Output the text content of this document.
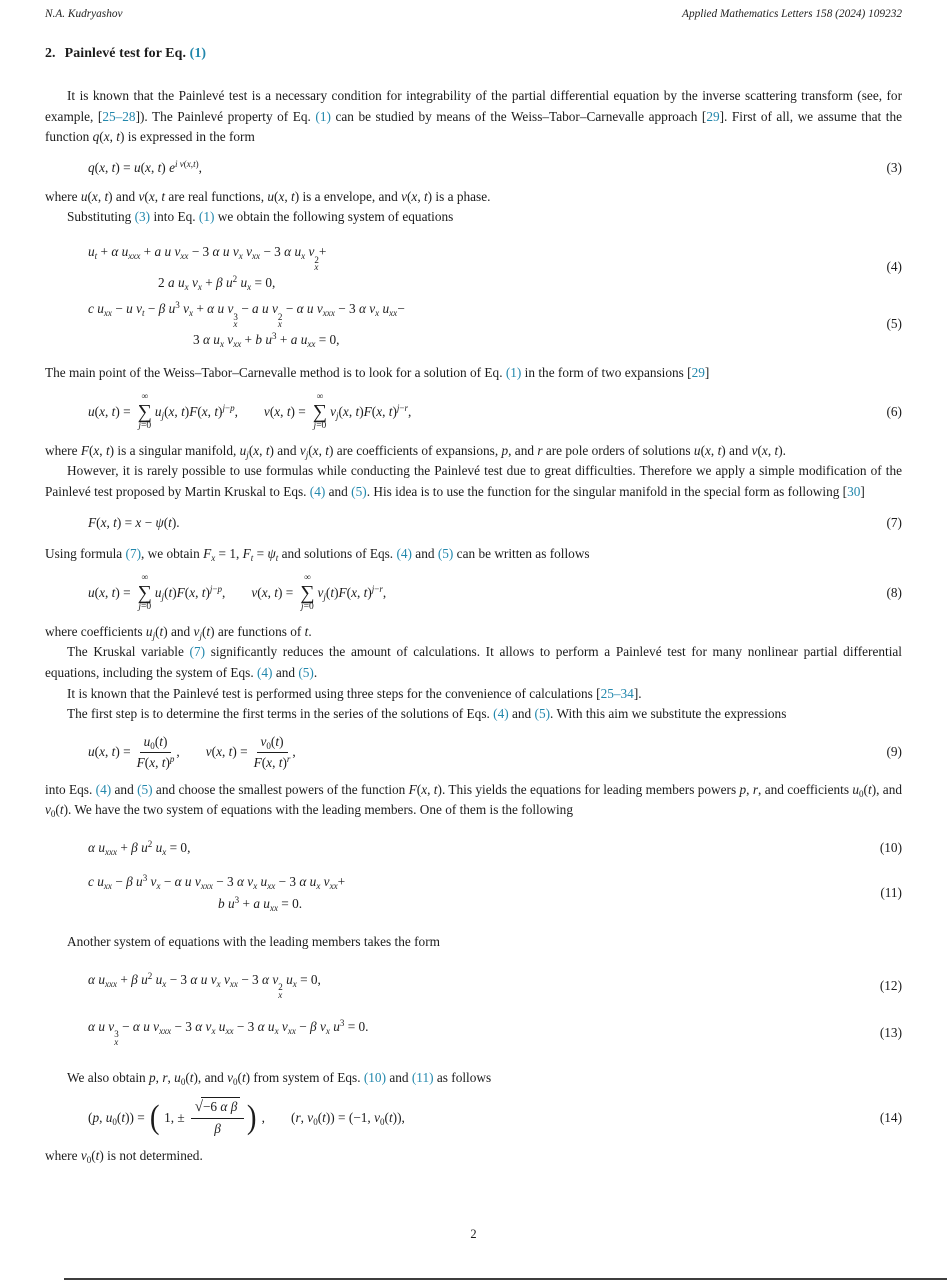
N.A. Kudryashov	Applied Mathematics Letters 158 (2024) 109232
2. Painlevé test for Eq. (1)

It is known that the Painlevé test is a necessary condition for integrability of the partial differential equation by the inverse scattering transform (see, for example, [25–28]). The Painlevé property of Eq. (1) can be studied by means of the Weiss–Tabor–Carnevalle approach [29]. First of all, we assume that the function q(x, t) is expressed in the form

q(x, t) = u(x, t) $e^{i v(x,t)}$,	(3)

where u(x, t) and v(x, t are real functions, u(x, t) is a envelope, and v(x, t) is a phase.

Substituting (3) into Eq. (1) we obtain the following system of equations

$u_t + \alpha$ $u_{xxx} + a$ u $v_{xx} - 3$ α u $v_x$ $v_{xx} - 3$ α $u_x$ v
2
x
+
2 a $u_x$ $v_x + \beta$ $u^2$ $u_x = 0$,
(4)
c $u_{xx} - u$ $v_t - \beta$ $u^3$ $v_x + \alpha$ u v
3
x
− a u v
2
x
− α u $v_{xxx} - 3$ α $v_x$ $u_{xx}-$
3 α $u_x$ $v_{xx} + b$ $u^3 + a$ $u_{xx} = 0$,
(5)

The main point of the Weiss–Tabor–Carnevalle method is to look for a solution of Eq. (1) in the form of two expansions [29]

u(x, t) =
∞
∑
j=0
$u_j(x$, t)F(x, t)$^{j-p}$, v(x, t) =
∞
∑
j=0
$v_j(x$, t)F(x, t)$^{j-r}$,	(6)

where F(x, t) is a singular manifold, $u_j(x$, t) and $v_j(x$, t) are coefficients of expansions, p, and r are pole orders of solutions u(x, t) and v(x, t).

However, it is rarely possible to use formulas while conducting the Painlevé test due to great difficulties. Therefore we apply a simple modification of the Painlevé test proposed by Martin Kruskal to Eqs. (4) and (5). His idea is to use the function for the singular manifold in the special form as following [30]

F(x, t) = x − ψ(t).	(7)

Using formula (7), we obtain $F_x = 1$, $F_t = \psi_t$ and solutions of Eqs. (4) and (5) can be written as follows

u(x, t) =
∞
∑
j=0
$u_j(t)F(x$, t)$^{j-p}$, v(x, t) =
∞
∑
j=0
$v_j(t)F(x$, t)$^{j-r}$,	(8)

where coefficients $u_j(t)$ and $v_j(t)$ are functions of t.

The Kruskal variable (7) significantly reduces the amount of calculations. It allows to perform a Painlevé test for many nonlinear partial differential equations, including the system of Eqs. (4) and (5).

It is known that the Painlevé test is performed using three steps for the convenience of calculations [25–34].

The first step is to determine the first terms in the series of the solutions of Eqs. (4) and (5). With this aim we substitute the expressions

u(x, $t) = \frac{u_0(t)}{F(x, t)^p}$ , v(x, $t) = \frac{v_0(t)}{F(x, t)^r}$ ,	(9)

into Eqs. (4) and (5) and choose the smallest powers of the function F(x, t). This yields the equations for leading members powers p, r, and coefficients $u_0(t)$, and $v_0(t)$. We have the two system of equations with the leading members. One of them is the following

α $u_{xxx} + \beta$ $u^2$ $u_x = 0$,	(10)
c $u_{xx} - \beta$ $u^3$ $v_x - \alpha$ u $v_{xxx} - 3$ α $v_x$ $u_{xx} - 3$ α $u_x$ $v_{xx}+$
b $u^3 + a$ $u_{xx} = 0$.
(11)

Another system of equations with the leading members takes the form

α $u_{xxx} + \beta$ $u^2$ $u_x - 3$ α u $v_x$ $v_{xx} - 3$ α v
2
x
$u_x = 0$,	(12)
α u v
3
x
− α u $v_{xxx} - 3$ α $v_x$ $u_{xx} - 3$ α $u_x$ $v_{xx} - \beta$ $v_x$ $u^3 = 0$.	(13)

We also obtain p, r, $u_0(t)$, and $v_0(t)$ from system of Eqs. (10) and (11) as follows

(p, $u_0(t)$) = ( 1, ± $\frac{\text{√−6 α β}}{\beta}$ ) , (r, $v_0(t)) = (-1$, $v_0(t)$),	(14)

where $v_0(t)$ is not determined.

2
